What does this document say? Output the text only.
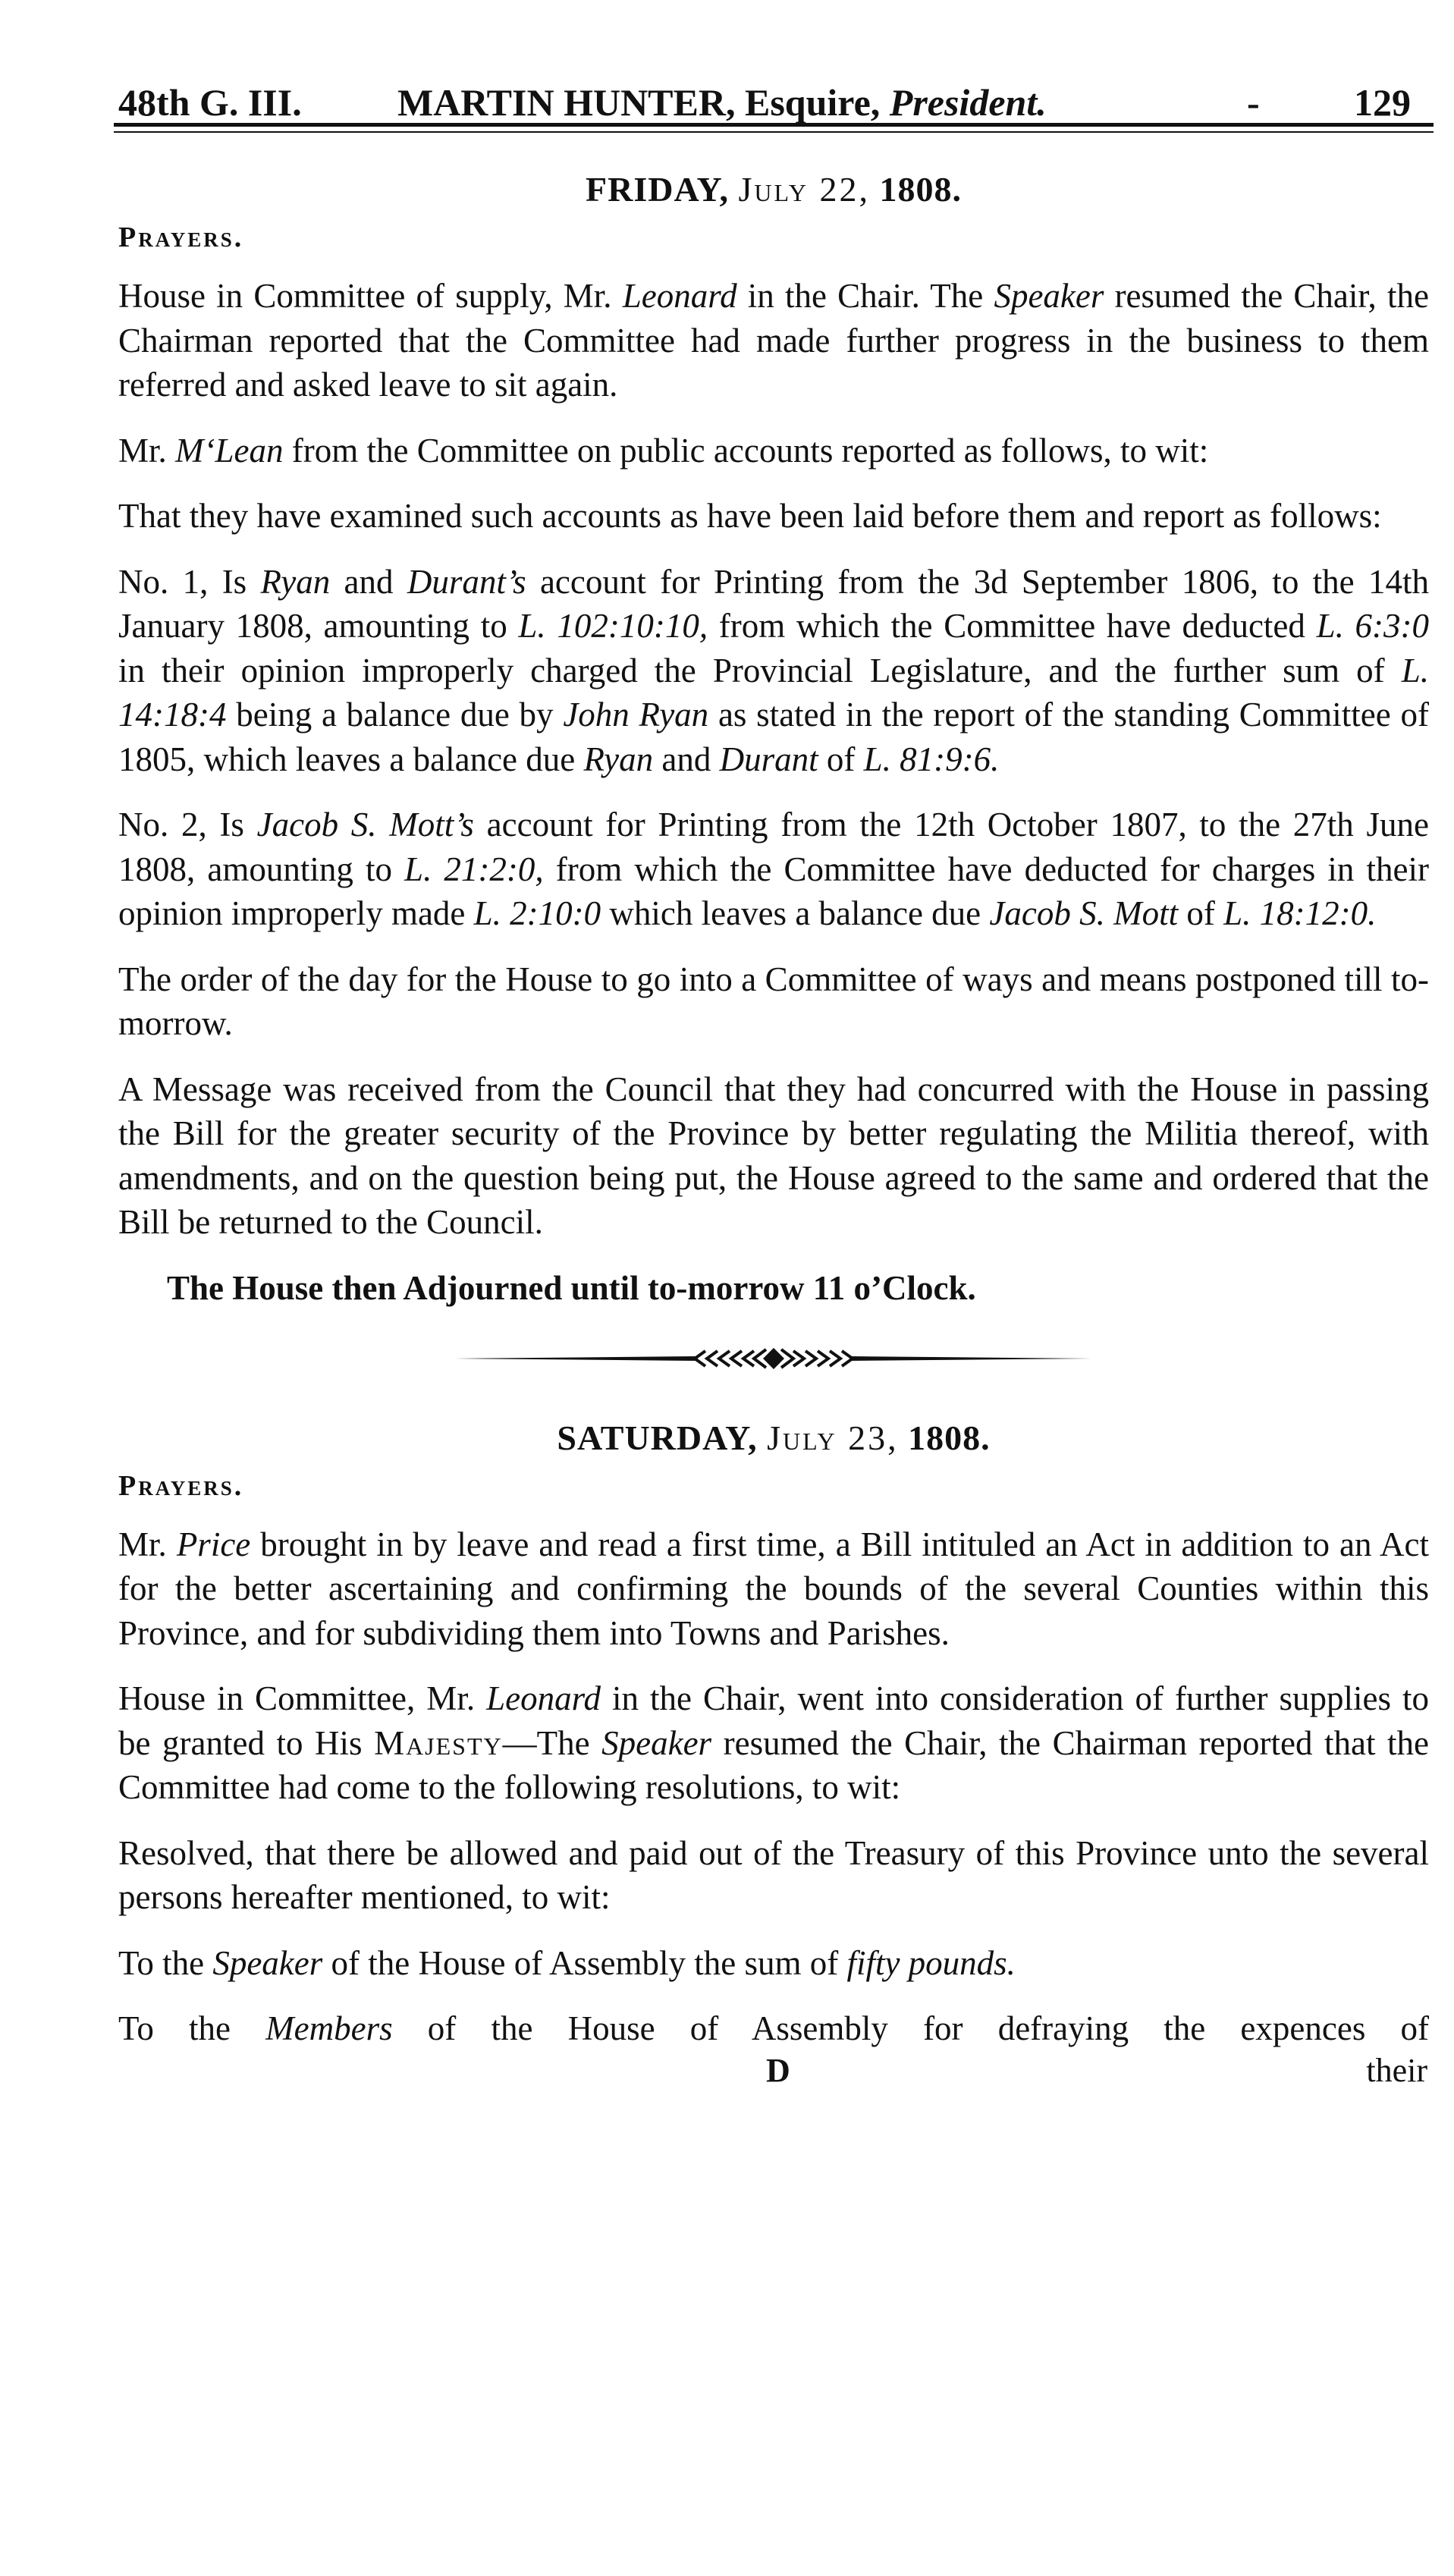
48th G. III.	MARTIN HUNTER, Esquire, President.	- 129
FRIDAY, July 22, 1808.
Prayers.

House in Committee of supply, Mr. Leonard in the Chair. The Speaker resumed the Chair, the Chairman reported that the Committee had made further progress in the business to them referred and asked leave to sit again.

Mr. M‘Lean from the Committee on public accounts reported as follows, to wit:

That they have examined such accounts as have been laid before them and report as follows:

No. 1, Is Ryan and Durant’s account for Printing from the 3d September 1806, to the 14th January 1808, amounting to L. 102:10:10, from which the Committee have deducted L. 6:3:0 in their opinion improperly charged the Provincial Legislature, and the further sum of L. 14:18:4 being a balance due by John Ryan as stated in the report of the standing Committee of 1805, which leaves a balance due Ryan and Durant of L. 81:9:6.

No. 2, Is Jacob S. Mott’s account for Printing from the 12th October 1807, to the 27th June 1808, amounting to L. 21:2:0, from which the Committee have deducted for charges in their opinion improperly made L. 2:10:0 which leaves a balance due Jacob S. Mott of L. 18:12:0.

The order of the day for the House to go into a Committee of ways and means postponed till to-morrow.

A Message was received from the Council that they had concurred with the House in passing the Bill for the greater security of the Province by better regulating the Militia thereof, with amendments, and on the question being put, the House agreed to the same and ordered that the Bill be returned to the Council.

The House then Adjourned until to-morrow 11 o’Clock.
SATURDAY, July 23, 1808.
Prayers.

Mr. Price brought in by leave and read a first time, a Bill intituled an Act in addition to an Act for the better ascertaining and confirming the bounds of the several Counties within this Province, and for subdividing them into Towns and Parishes.

House in Committee, Mr. Leonard in the Chair, went into consideration of further supplies to be granted to His Majesty—The Speaker resumed the Chair, the Chairman reported that the Committee had come to the following resolutions, to wit:

Resolved, that there be allowed and paid out of the Treasury of this Province unto the several persons hereafter mentioned, to wit:

To the Speaker of the House of Assembly the sum of fifty pounds.

To the Members of the House of Assembly for defraying the expences of

D	their
